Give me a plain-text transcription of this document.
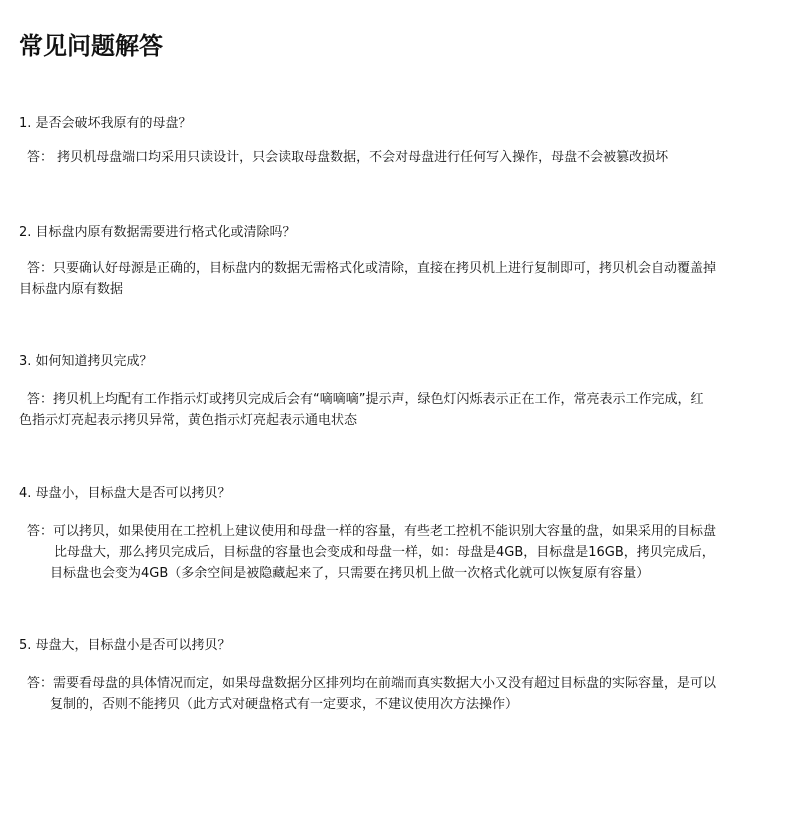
常见问题解答
1. 是否会破坏我原有的母盘？
答： 拷贝机母盘端口均采用只读设计，只会读取母盘数据，不会对母盘进行任何写入操作，母盘不会被篡改损坏
2. 目标盘内原有数据需要进行格式化或清除吗？
答：只要确认好母源是正确的，目标盘内的数据无需格式化或清除，直接在拷贝机上进行复制即可，拷贝机会自动覆盖掉
目标盘内原有数据
3. 如何知道拷贝完成？
答：拷贝机上均配有工作指示灯或拷贝完成后会有“嘀嘀嘀”提示声，绿色灯闪烁表示正在工作，常亮表示工作完成，红
色指示灯亮起表示拷贝异常，黄色指示灯亮起表示通电状态
4. 母盘小，目标盘大是否可以拷贝？
答：可以拷贝，如果使用在工控机上建议使用和母盘一样的容量，有些老工控机不能识别大容量的盘，如果采用的目标盘
比母盘大，那么拷贝完成后，目标盘的容量也会变成和母盘一样，如：母盘是4GB，目标盘是16GB，拷贝完成后，
目标盘也会变为4GB（多余空间是被隐藏起来了，只需要在拷贝机上做一次格式化就可以恢复原有容量）
5. 母盘大，目标盘小是否可以拷贝？
答：需要看母盘的具体情况而定，如果母盘数据分区排列均在前端而真实数据大小又没有超过目标盘的实际容量，是可以
复制的，否则不能拷贝（此方式对硬盘格式有一定要求，不建议使用次方法操作）
